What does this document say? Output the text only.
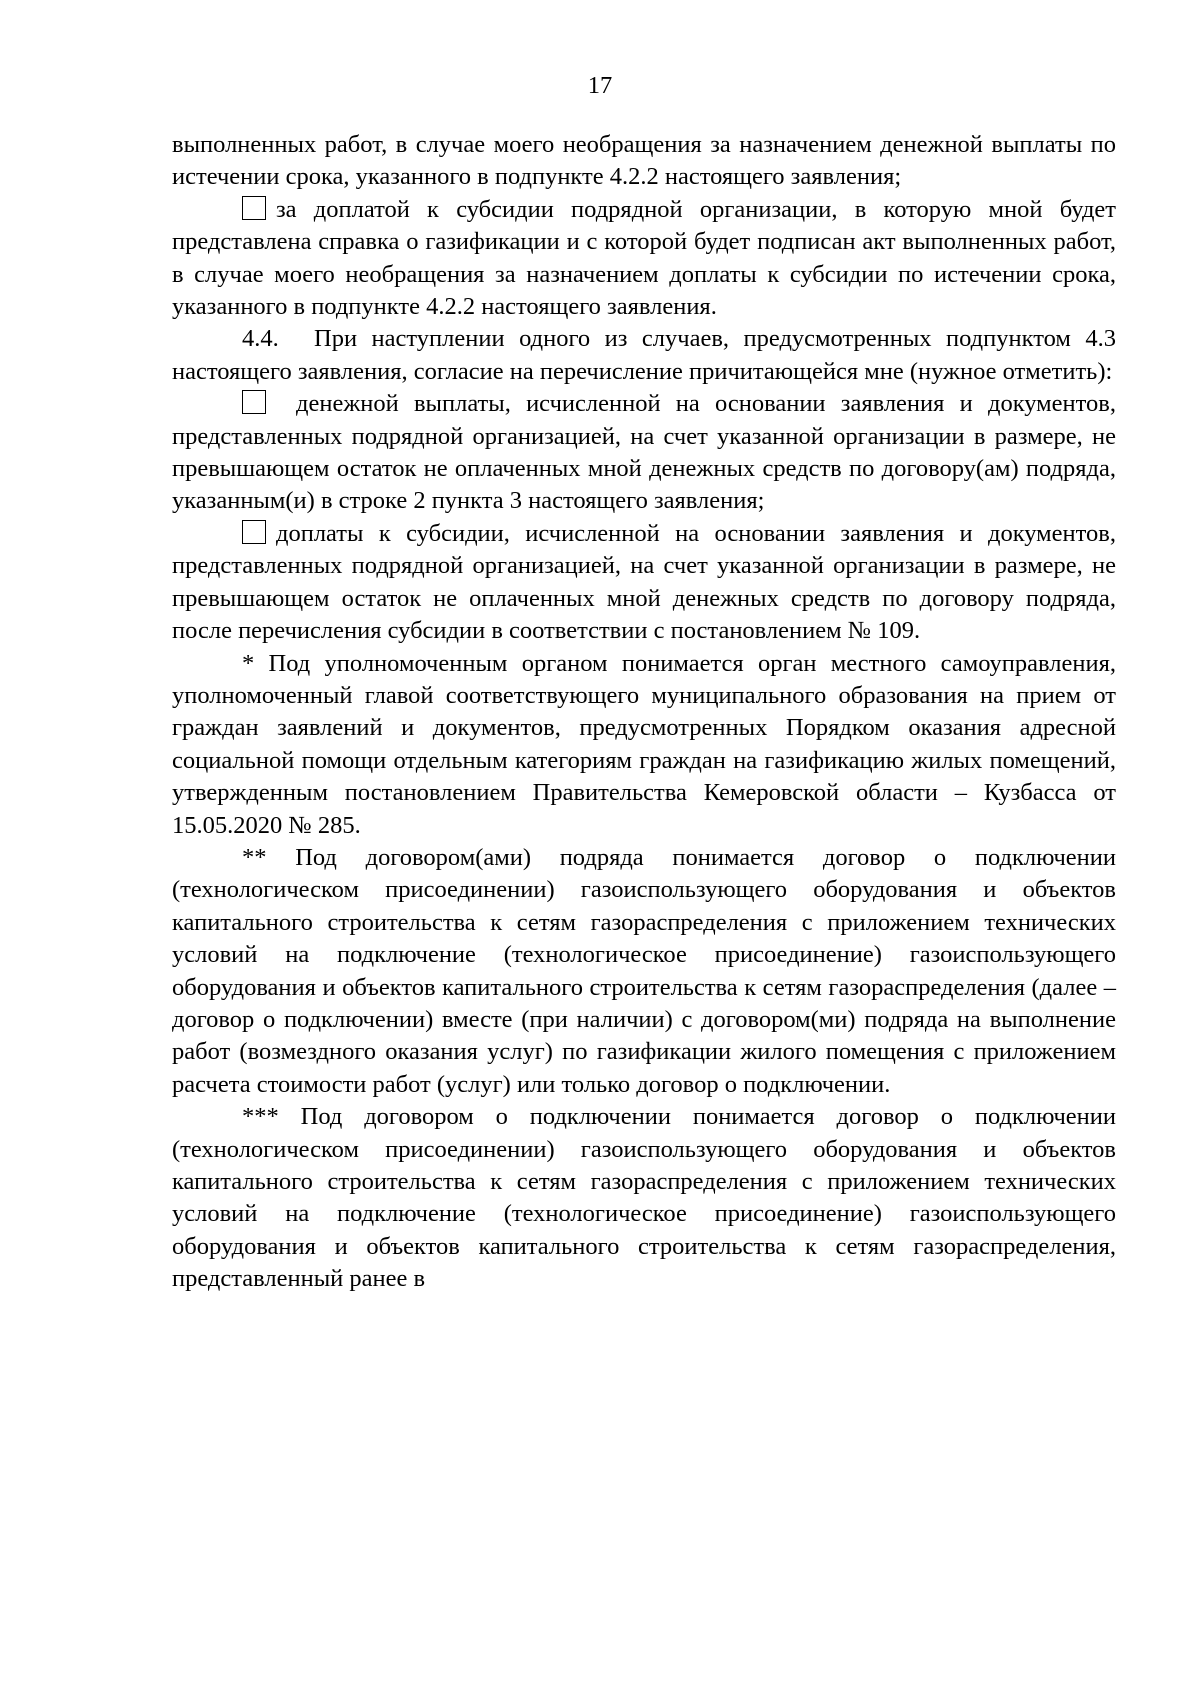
17

выполненных работ, в случае моего необращения за назначением денежной выплаты по истечении срока, указанного в подпункте 4.2.2 настоящего заявления;

за доплатой к субсидии подрядной организации, в которую мной будет представлена справка о газификации и с которой будет подписан акт выполненных работ, в случае моего необращения за назначением доплаты к субсидии по истечении срока, указанного в подпункте 4.2.2 настоящего заявления.

4.4. При наступлении одного из случаев, предусмотренных подпунктом 4.3 настоящего заявления, согласие на перечисление причитающейся мне (нужное отметить):

денежной выплаты, исчисленной на основании заявления и документов, представленных подрядной организацией, на счет указанной организации в размере, не превышающем остаток не оплаченных мной денежных средств по договору(ам) подряда, указанным(и) в строке 2 пункта 3 настоящего заявления;

доплаты к субсидии, исчисленной на основании заявления и документов, представленных подрядной организацией, на счет указанной организации в размере, не превышающем остаток не оплаченных мной денежных средств по договору подряда, после перечисления субсидии в соответствии с постановлением № 109.

* Под уполномоченным органом понимается орган местного самоуправления, уполномоченный главой соответствующего муниципального образования на прием от граждан заявлений и документов, предусмотренных Порядком оказания адресной социальной помощи отдельным категориям граждан на газификацию жилых помещений, утвержденным постановлением Правительства Кемеровской области – Кузбасса от 15.05.2020 № 285.

** Под договором(ами) подряда понимается договор о подключении (технологическом присоединении) газоиспользующего оборудования и объектов капитального строительства к сетям газораспределения с приложением технических условий на подключение (технологическое присоединение) газоиспользующего оборудования и объектов капитального строительства к сетям газораспределения (далее – договор о подключении) вместе (при наличии) с договором(ми) подряда на выполнение работ (возмездного оказания услуг) по газификации жилого помещения с приложением расчета стоимости работ (услуг) или только договор о подключении.

*** Под договором о подключении понимается договор о подключении (технологическом присоединении) газоиспользующего оборудования и объектов капитального строительства к сетям газораспределения с приложением технических условий на подключение (технологическое присоединение) газоиспользующего оборудования и объектов капитального строительства к сетям газораспределения, представленный ранее в
